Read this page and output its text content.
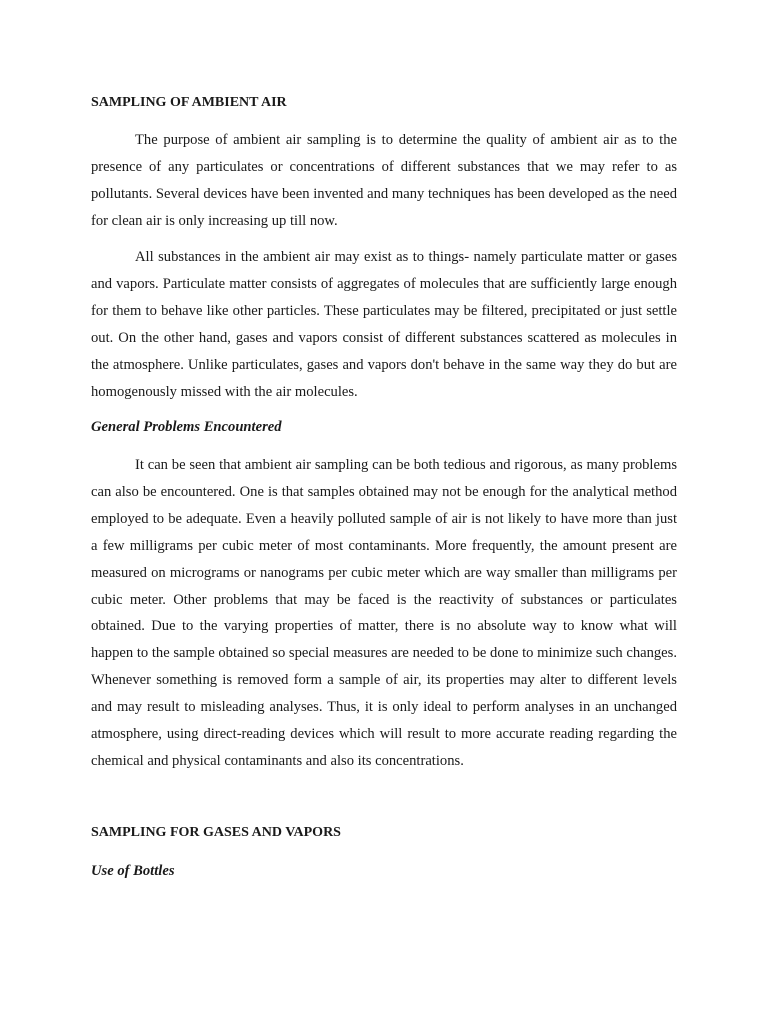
SAMPLING OF AMBIENT AIR

The purpose of ambient air sampling is to determine the quality of ambient air as to the presence of any particulates or concentrations of different substances that we may refer to as pollutants. Several devices have been invented and many techniques has been developed as the need for clean air is only increasing up till now.

All substances in the ambient air may exist as to things- namely particulate matter or gases and vapors. Particulate matter consists of aggregates of molecules that are sufficiently large enough for them to behave like other particles. These particulates may be filtered, precipitated or just settle out. On the other hand, gases and vapors consist of different substances scattered as molecules in the atmosphere. Unlike particulates, gases and vapors don't behave in the same way they do but are homogenously missed with the air molecules.

General Problems Encountered

It can be seen that ambient air sampling can be both tedious and rigorous, as many problems can also be encountered. One is that samples obtained may not be enough for the analytical method employed to be adequate. Even a heavily polluted sample of air is not likely to have more than just a few milligrams per cubic meter of most contaminants. More frequently, the amount present are measured on micrograms or nanograms per cubic meter which are way smaller than milligrams per cubic meter. Other problems that may be faced is the reactivity of substances or particulates obtained. Due to the varying properties of matter, there is no absolute way to know what will happen to the sample obtained so special measures are needed to be done to minimize such changes. Whenever something is removed form a sample of air, its properties may alter to different levels and may result to misleading analyses. Thus, it is only ideal to perform analyses in an unchanged atmosphere, using direct-reading devices which will result to more accurate reading regarding the chemical and physical contaminants and also its concentrations.

SAMPLING FOR GASES AND VAPORS
Use of Bottles
